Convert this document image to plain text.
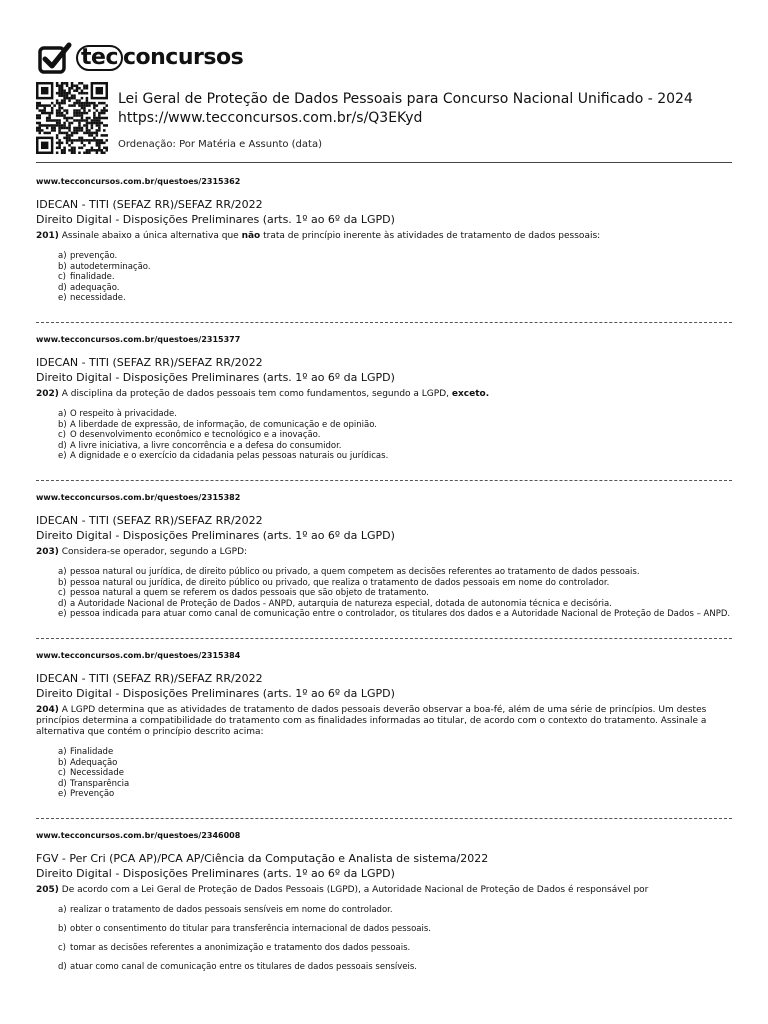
tec concursos
Lei Geral de Proteção de Dados Pessoais para Concurso Nacional Unificado - 2024
https://www.tecconcursos.com.br/s/Q3EKyd
Ordenação: Por Matéria e Assunto (data)
www.tecconcursos.com.br/questoes/2315362
IDECAN - TITI (SEFAZ RR)/SEFAZ RR/2022
Direito Digital - Disposições Preliminares (arts. 1º ao 6º da LGPD)
201) Assinale abaixo a única alternativa que não trata de princípio inerente às atividades de tratamento de dados pessoais:
a) prevenção.
b) autodeterminação.
c) finalidade.
d) adequação.
e) necessidade.
www.tecconcursos.com.br/questoes/2315377
IDECAN - TITI (SEFAZ RR)/SEFAZ RR/2022
Direito Digital - Disposições Preliminares (arts. 1º ao 6º da LGPD)
202) A disciplina da proteção de dados pessoais tem como fundamentos, segundo a LGPD, exceto.
a) O respeito à privacidade.
b) A liberdade de expressão, de informação, de comunicação e de opinião.
c) O desenvolvimento econômico e tecnológico e a inovação.
d) A livre iniciativa, a livre concorrência e a defesa do consumidor.
e) A dignidade e o exercício da cidadania pelas pessoas naturais ou jurídicas.
www.tecconcursos.com.br/questoes/2315382
IDECAN - TITI (SEFAZ RR)/SEFAZ RR/2022
Direito Digital - Disposições Preliminares (arts. 1º ao 6º da LGPD)
203) Considera-se operador, segundo a LGPD:
a) pessoa natural ou jurídica, de direito público ou privado, a quem competem as decisões referentes ao tratamento de dados pessoais.
b) pessoa natural ou jurídica, de direito público ou privado, que realiza o tratamento de dados pessoais em nome do controlador.
c) pessoa natural a quem se referem os dados pessoais que são objeto de tratamento.
d) a Autoridade Nacional de Proteção de Dados - ANPD, autarquia de natureza especial, dotada de autonomia técnica e decisória.
e) pessoa indicada para atuar como canal de comunicação entre o controlador, os titulares dos dados e a Autoridade Nacional de Proteção de Dados – ANPD.
www.tecconcursos.com.br/questoes/2315384
IDECAN - TITI (SEFAZ RR)/SEFAZ RR/2022
Direito Digital - Disposições Preliminares (arts. 1º ao 6º da LGPD)
204) A LGPD determina que as atividades de tratamento de dados pessoais deverão observar a boa-fé, além de uma série de princípios. Um destes princípios determina a compatibilidade do tratamento com as finalidades informadas ao titular, de acordo com o contexto do tratamento. Assinale a alternativa que contém o princípio descrito acima:
a) Finalidade
b) Adequação
c) Necessidade
d) Transparência
e) Prevenção
www.tecconcursos.com.br/questoes/2346008
FGV - Per Cri (PCA AP)/PCA AP/Ciência da Computação e Analista de sistema/2022
Direito Digital - Disposições Preliminares (arts. 1º ao 6º da LGPD)
205) De acordo com a Lei Geral de Proteção de Dados Pessoais (LGPD), a Autoridade Nacional de Proteção de Dados é responsável por
a) realizar o tratamento de dados pessoais sensíveis em nome do controlador.
b) obter o consentimento do titular para transferência internacional de dados pessoais.
c) tomar as decisões referentes a anonimização e tratamento dos dados pessoais.
d) atuar como canal de comunicação entre os titulares de dados pessoais sensíveis.
